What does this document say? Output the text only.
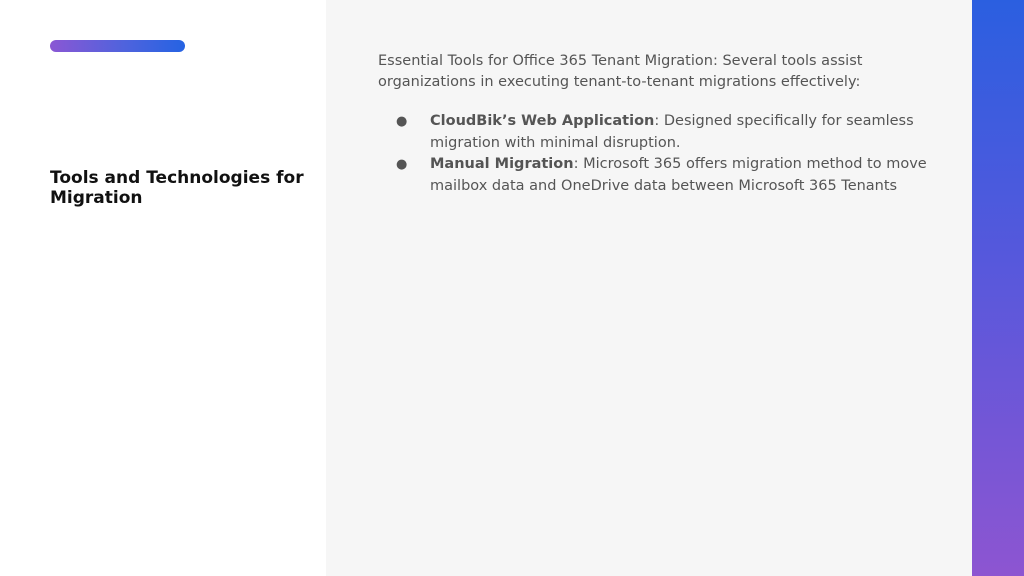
Tools and Technologies for Migration

Essential Tools for Office 365 Tenant Migration: Several tools assist organizations in executing tenant-to-tenant migrations effectively:

● CloudBik’s Web Application: Designed specifically for seamless migration with minimal disruption.
● Manual Migration: Microsoft 365 offers migration method to move mailbox data and OneDrive data between Microsoft 365 Tenants
